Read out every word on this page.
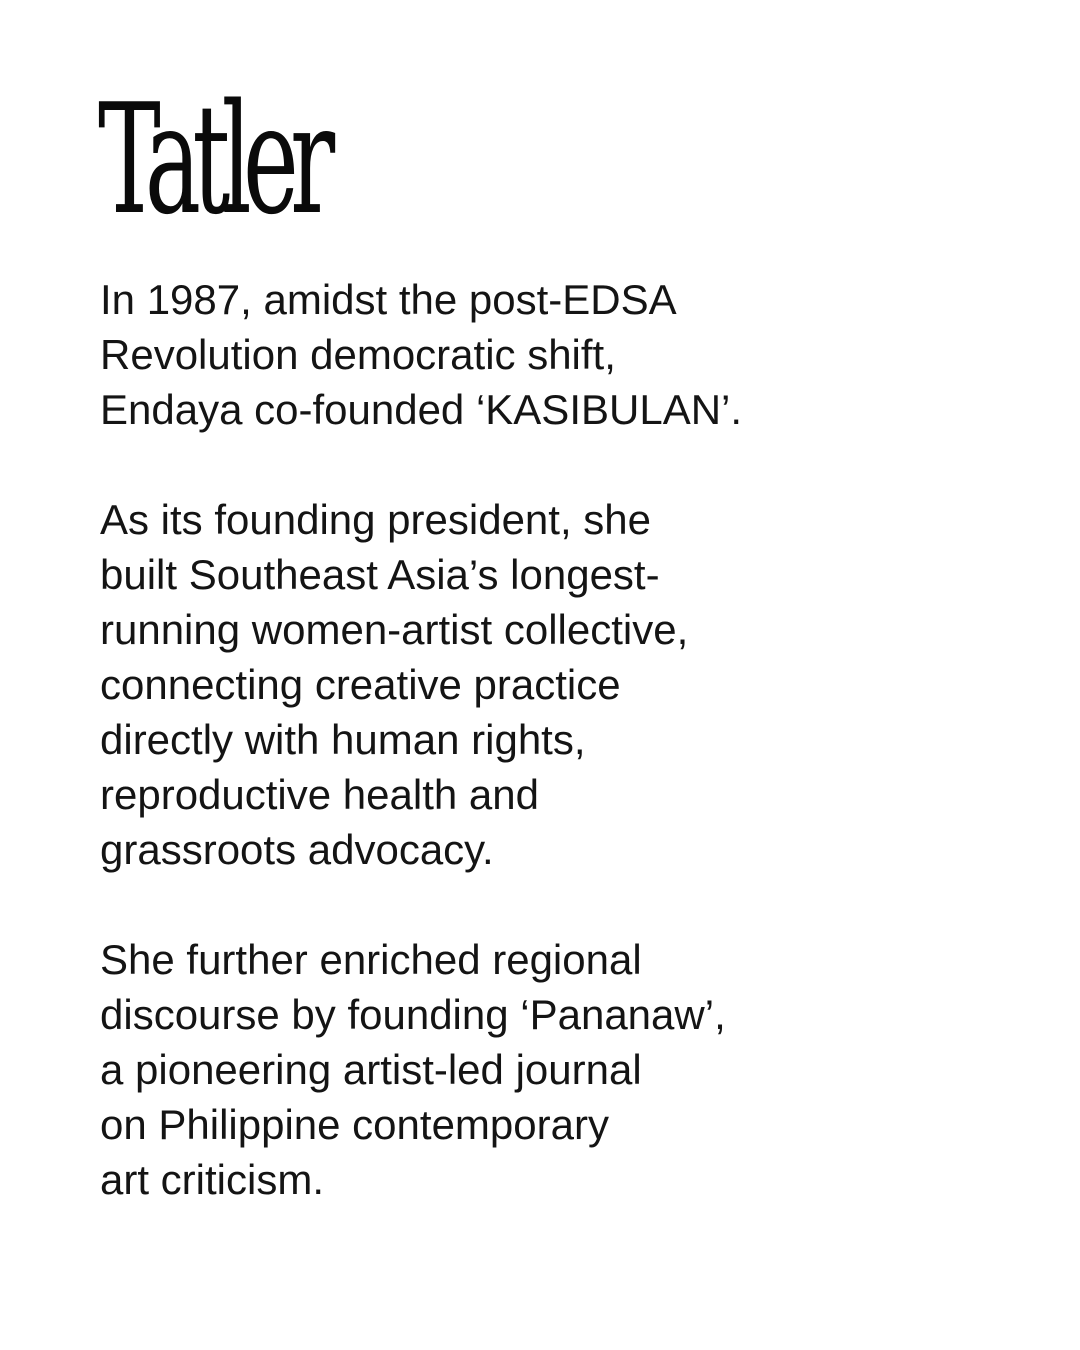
Tatler

In 1987, amidst the post-EDSA
Revolution democratic shift,
Endaya co-founded ‘KASIBULAN’.

As its founding president, she
built Southeast Asia’s longest-
running women-artist collective,
connecting creative practice
directly with human rights,
reproductive health and
grassroots advocacy.

She further enriched regional
discourse by founding ‘Pananaw’,
a pioneering artist-led journal
on Philippine contemporary
art criticism.
